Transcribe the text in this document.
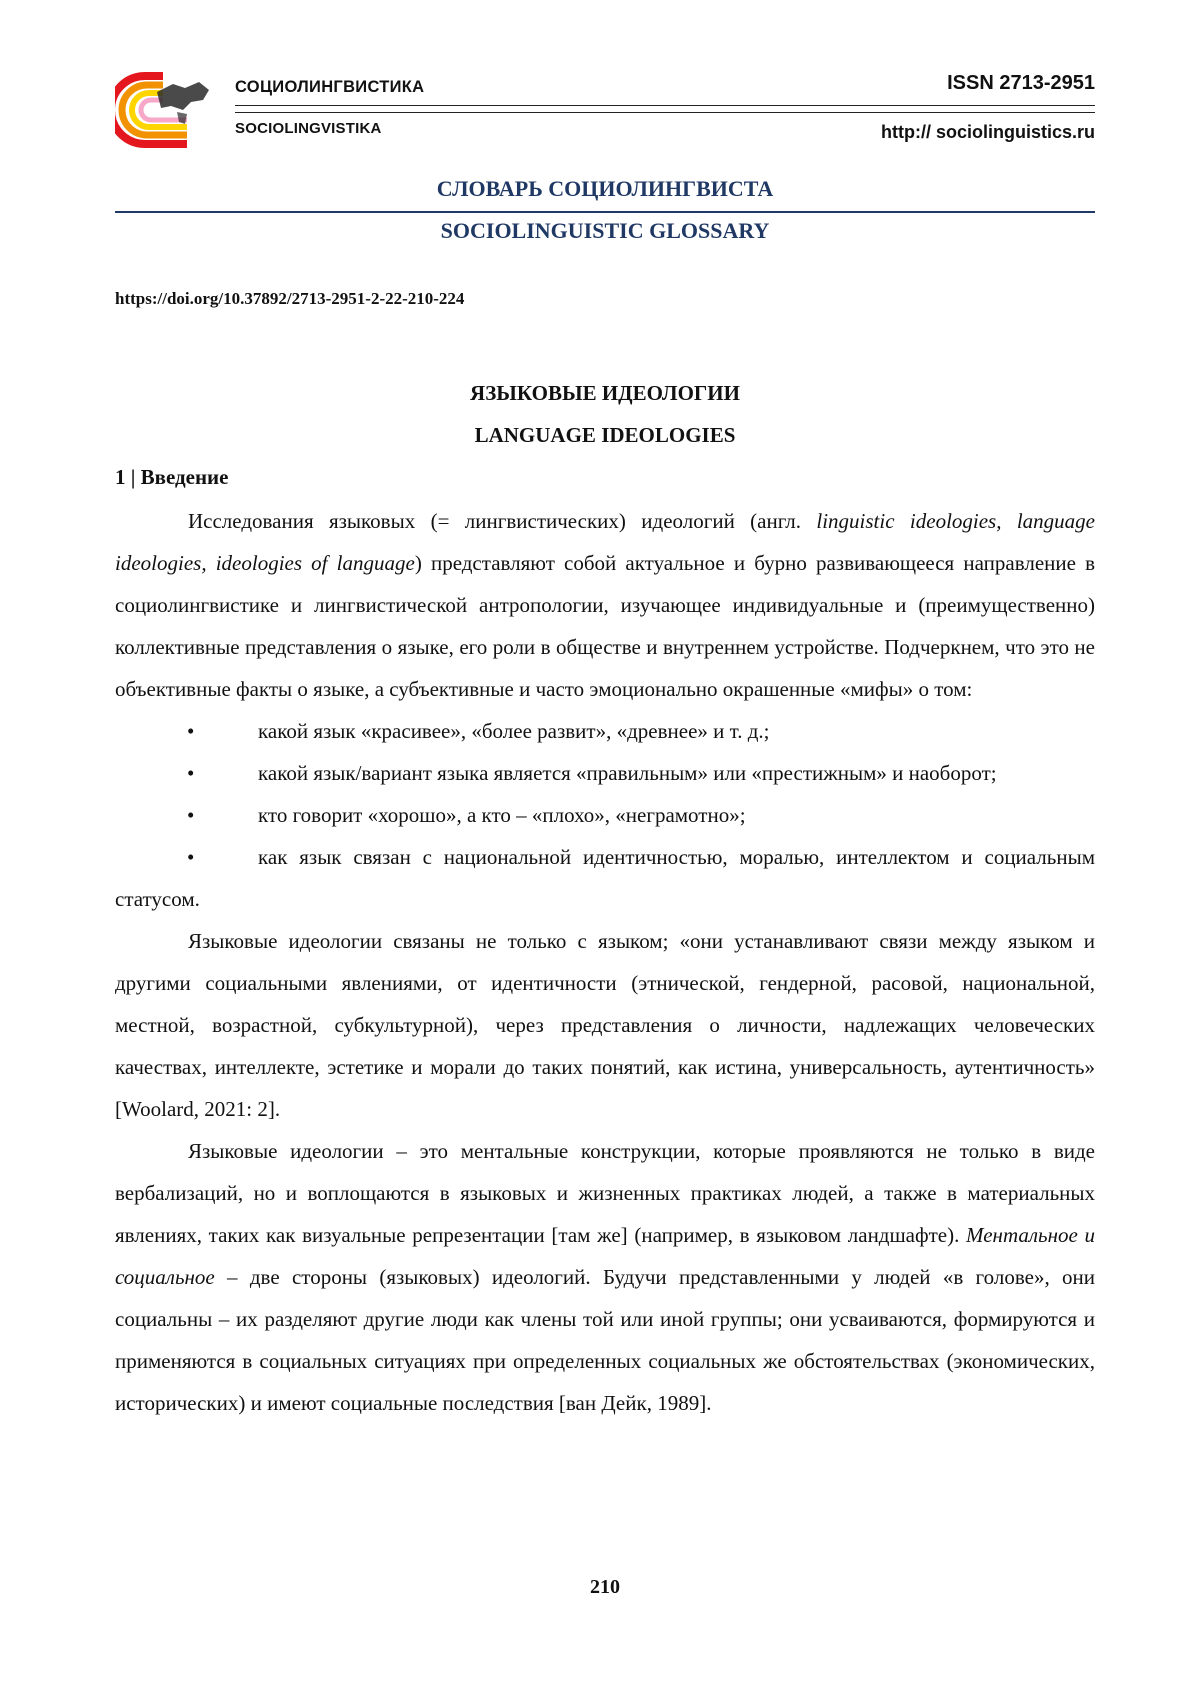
СОЦИОЛИНГВИСТИКА
SOCIOLINGVISTIKA
ISSN 2713-2951
http:// sociolinguistics.ru
СЛОВАРЬ СОЦИОЛИНГВИСТА
SOCIOLINGUISTIC GLOSSARY
https://doi.org/10.37892/2713-2951-2-22-210-224
ЯЗЫКОВЫЕ ИДЕОЛОГИИ
LANGUAGE IDEOLOGIES
1 | Введение

Исследования языковых (= лингвистических) идеологий (англ. linguistic ideologies, language ideologies, ideologies of language) представляют собой актуальное и бурно развивающееся направление в социолингвистике и лингвистической антропологии, изучающее индивидуальные и (преимущественно) коллективные представления о языке, его роли в обществе и внутреннем устройстве. Подчеркнем, что это не объективные факты о языке, а субъективные и часто эмоционально окрашенные «мифы» о том:

•	какой язык «красивее», «более развит», «древнее» и т. д.;
•	какой язык/вариант языка является «правильным» или «престижным» и наоборот;
•	кто говорит «хорошо», а кто – «плохо», «неграмотно»;
•	как язык связан с национальной идентичностью, моралью, интеллектом и социальным статусом.

Языковые идеологии связаны не только с языком; «они устанавливают связи между языком и другими социальными явлениями, от идентичности (этнической, гендерной, расовой, национальной, местной, возрастной, субкультурной), через представления о личности, надлежащих человеческих качествах, интеллекте, эстетике и морали до таких понятий, как истина, универсальность, аутентичность» [Woolard, 2021: 2].

Языковые идеологии – это ментальные конструкции, которые проявляются не только в виде вербализаций, но и воплощаются в языковых и жизненных практиках людей, а также в материальных явлениях, таких как визуальные репрезентации [там же] (например, в языковом ландшафте). Ментальное и социальное – две стороны (языковых) идеологий. Будучи представленными у людей «в голове», они социальны – их разделяют другие люди как члены той или иной группы; они усваиваются, формируются и применяются в социальных ситуациях при определенных социальных же обстоятельствах (экономических, исторических) и имеют социальные последствия [ван Дейк, 1989].

210
